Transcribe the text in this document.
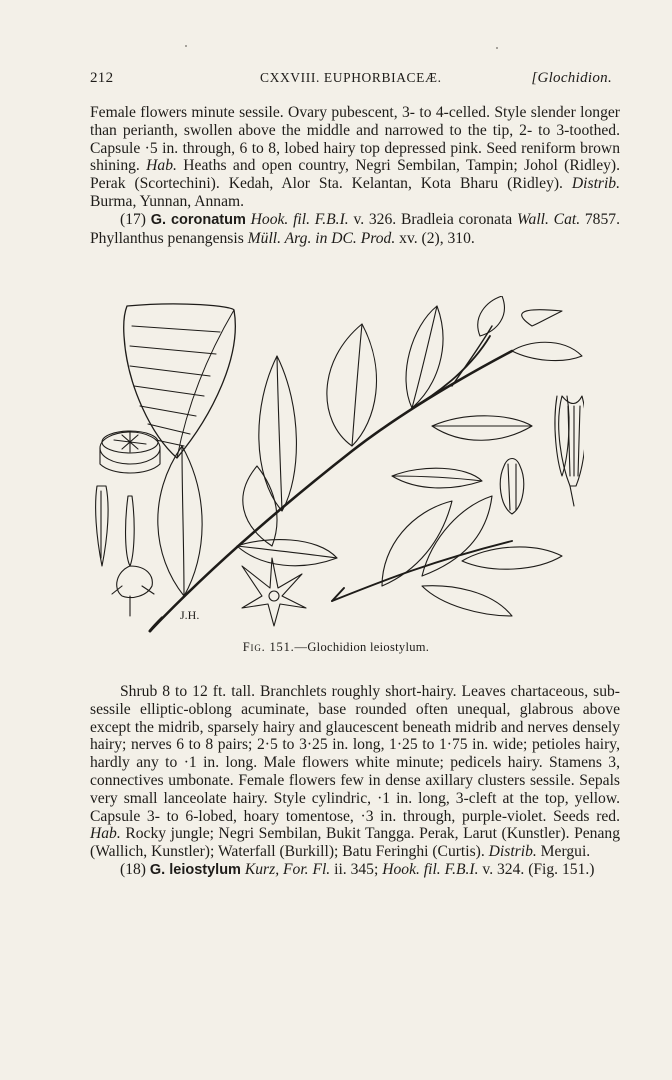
212	CXXVIII. EUPHORBIACEÆ.	[Glochidion.

Female flowers minute sessile. Ovary pubescent, 3- to 4-celled. Style slender longer than perianth, swollen above the middle and narrowed to the tip, 2- to 3-toothed. Capsule ·5 in. through, 6 to 8, lobed hairy top depressed pink. Seed reniform brown shining. Hab. Heaths and open country, Negri Sembilan, Tampin; Johol (Ridley). Perak (Scortechini). Kedah, Alor Sta. Kelantan, Kota Bharu (Ridley). Distrib. Burma, Yunnan, Annam.

(17) G. coronatum Hook. fil. F.B.I. v. 326. Bradleia coronata Wall. Cat. 7857. Phyllanthus penangensis Müll. Arg. in DC. Prod. xv. (2), 310.

J.H.
Fig. 151.—Glochidion leiostylum.

Shrub 8 to 12 ft. tall. Branchlets roughly short-hairy. Leaves chartaceous, sub-sessile elliptic-oblong acuminate, base rounded often unequal, glabrous above except the midrib, sparsely hairy and glaucescent beneath midrib and nerves densely hairy; nerves 6 to 8 pairs; 2·5 to 3·25 in. long, 1·25 to 1·75 in. wide; petioles hairy, hardly any to ·1 in. long. Male flowers white minute; pedicels hairy. Stamens 3, connectives umbonate. Female flowers few in dense axillary clusters sessile. Sepals very small lanceolate hairy. Style cylindric, ·1 in. long, 3-cleft at the top, yellow. Capsule 3- to 6-lobed, hoary tomentose, ·3 in. through, purple-violet. Seeds red. Hab. Rocky jungle; Negri Sembilan, Bukit Tangga. Perak, Larut (Kunstler). Penang (Wallich, Kunstler); Waterfall (Burkill); Batu Feringhi (Curtis). Distrib. Mergui.

(18) G. leiostylum Kurz, For. Fl. ii. 345; Hook. fil. F.B.I. v. 324. (Fig. 151.)
